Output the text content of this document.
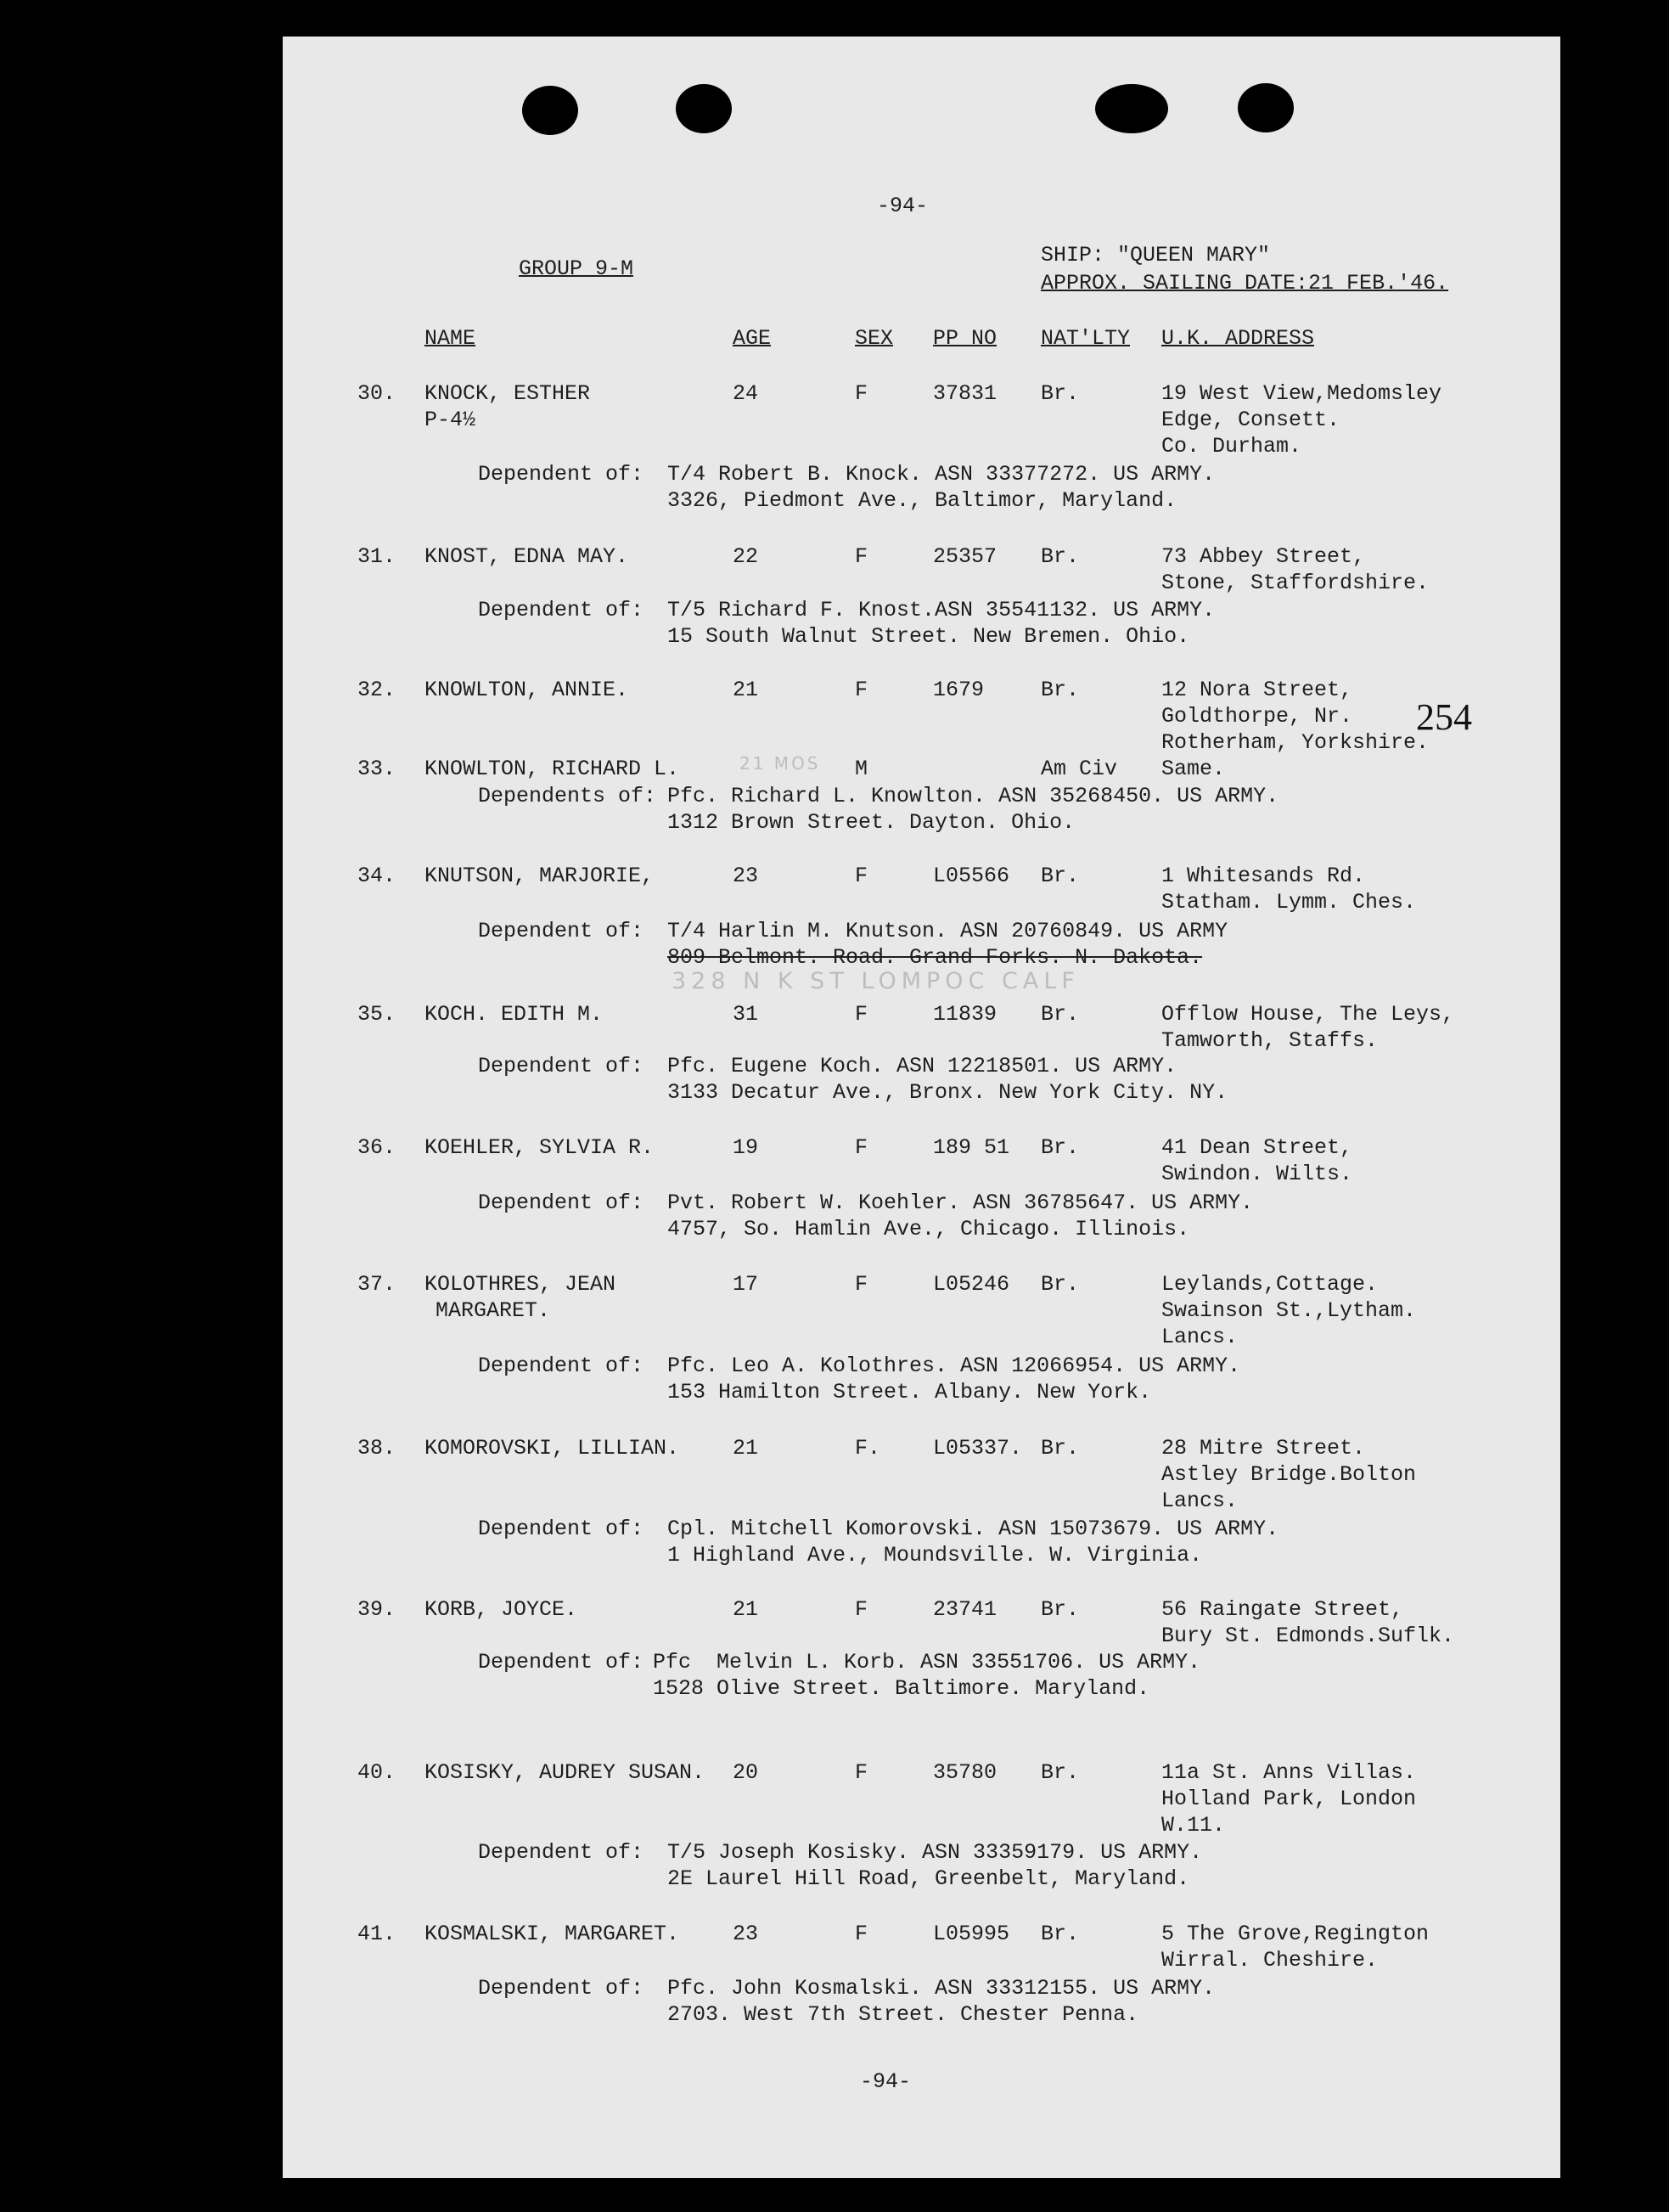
-94-
GROUP 9-M
SHIP: "QUEEN MARY"
APPROX. SAILING DATE:21 FEB.'46.
NAME	AGE	SEX PP NO NAT'LTY U.K. ADDRESS
254
30. KNOCK, ESTHER
P-4½
24	F	37831 Br.	19 West View,Medomsley
Edge, Consett.
Co. Durham.
Dependent of: T/4 Robert B. Knock. ASN 33377272. US ARMY.
3326, Piedmont Ave., Baltimor, Maryland.
31. KNOST, EDNA MAY.	22	F	25357 Br.	73 Abbey Street,
Stone, Staffordshire.
Dependent of: T/5 Richard F. Knost.ASN 35541132. US ARMY.
15 South Walnut Street. New Bremen. Ohio.
32. KNOWLTON, ANNIE.	21	F	1679	Br.	12 Nora Street,
Goldthorpe, Nr.
Rotherham, Yorkshire.
33. KNOWLTON, RICHARD L.	21 MOS M	Am Civ Same.
Dependents of: Pfc. Richard L. Knowlton. ASN 35268450. US ARMY.
1312 Brown Street. Dayton. Ohio.
34. KNUTSON, MARJORIE,	23	F	L05566 Br.	1 Whitesands Rd.
Statham. Lymm. Ches.
Dependent of: T/4 Harlin M. Knutson. ASN 20760849. US ARMY
809 Belmont. Road. Grand Forks. N. Dakota.
328 N K ST LOMPOC CALF
35. KOCH. EDITH M.	31	F	11839 Br.	Offlow House, The Leys,
Tamworth, Staffs.
Dependent of: Pfc. Eugene Koch. ASN 12218501. US ARMY.
3133 Decatur Ave., Bronx. New York City. NY.
36. KOEHLER, SYLVIA R.	19	F	189 51 Br.	41 Dean Street,
Swindon. Wilts.
Dependent of: Pvt. Robert W. Koehler. ASN 36785647. US ARMY.
4757, So. Hamlin Ave., Chicago. Illinois.
37. KOLOTHRES, JEAN
MARGARET.
17	F	L05246 Br.	Leylands,Cottage.
Swainson St.,Lytham.
Lancs.
Dependent of: Pfc. Leo A. Kolothres. ASN 12066954. US ARMY.
153 Hamilton Street. Albany. New York.
38. KOMOROVSKI, LILLIAN.	21	F. L05337. Br.	28 Mitre Street.
Astley Bridge.Bolton
Lancs.
Dependent of: Cpl. Mitchell Komorovski. ASN 15073679. US ARMY.
1 Highland Ave., Moundsville. W. Virginia.
39. KORB, JOYCE.	21	F	23741 Br.	56 Raingate Street,
Bury St. Edmonds.Suflk.
Dependent of: Pfc  Melvin L. Korb. ASN 33551706. US ARMY.
1528 Olive Street. Baltimore. Maryland.
40. KOSISKY, AUDREY SUSAN. 20	F	35780 Br.	11a St. Anns Villas.
Holland Park, London
W.11.
Dependent of: T/5 Joseph Kosisky. ASN 33359179. US ARMY.
2E Laurel Hill Road, Greenbelt, Maryland.
41. KOSMALSKI, MARGARET.	23	F	L05995 Br.	5 The Grove,Regington
Wirral. Cheshire.
Dependent of: Pfc. John Kosmalski. ASN 33312155. US ARMY.
2703. West 7th Street. Chester Penna.
-94-
